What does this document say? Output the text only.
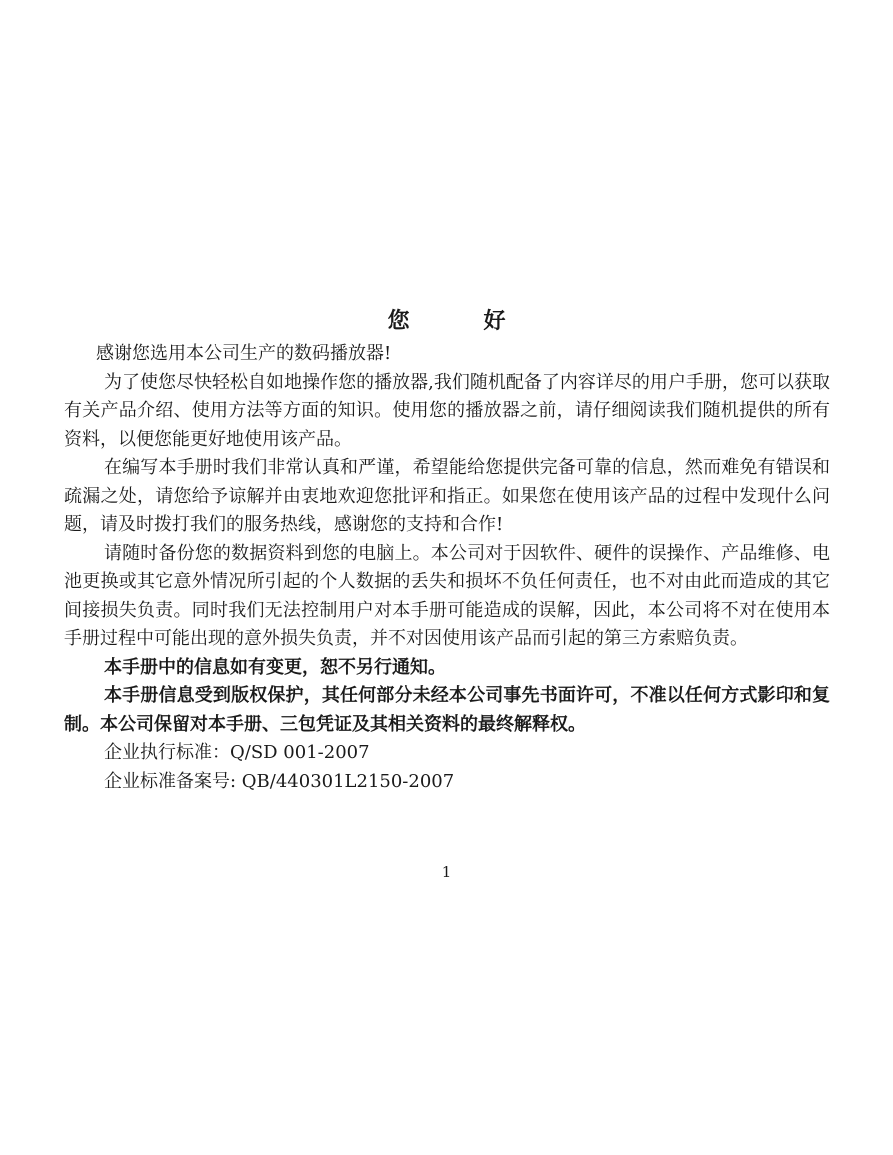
您　好

感谢您选用本公司生产的数码播放器!

为了使您尽快轻松自如地操作您的播放器,我们随机配备了内容详尽的用户手册，您可以获取有关产品介绍、使用方法等方面的知识。使用您的播放器之前，请仔细阅读我们随机提供的所有资料，以便您能更好地使用该产品。

在编写本手册时我们非常认真和严谨，希望能给您提供完备可靠的信息，然而难免有错误和疏漏之处，请您给予谅解并由衷地欢迎您批评和指正。如果您在使用该产品的过程中发现什么问题，请及时拨打我们的服务热线，感谢您的支持和合作!

请随时备份您的数据资料到您的电脑上。本公司对于因软件、硬件的误操作、产品维修、电池更换或其它意外情况所引起的个人数据的丢失和损坏不负任何责任，也不对由此而造成的其它间接损失负责。同时我们无法控制用户对本手册可能造成的误解，因此，本公司将不对在使用本手册过程中可能出现的意外损失负责，并不对因使用该产品而引起的第三方索赔负责。

本手册中的信息如有变更，恕不另行通知。

本手册信息受到版权保护，其任何部分未经本公司事先书面许可，不准以任何方式影印和复制。本公司保留对本手册、三包凭证及其相关资料的最终解释权。

企业执行标准：Q/SD 001-2007

企业标准备案号: QB/440301L2150-2007

1
